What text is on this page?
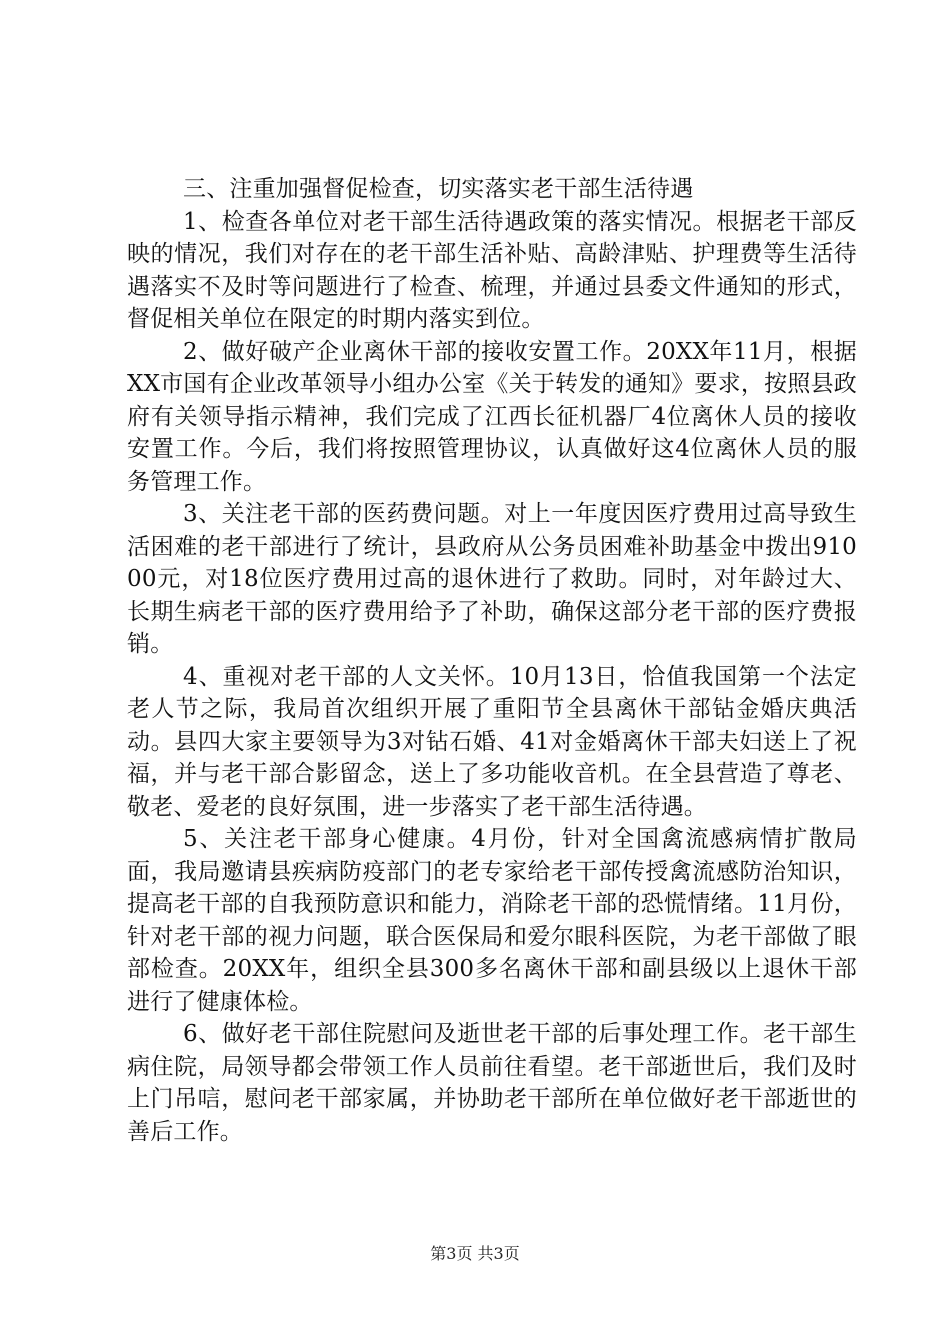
三、注重加强督促检查，切实落实老干部生活待遇

1、检查各单位对老干部生活待遇政策的落实情况。根据老干部反映的情况，我们对存在的老干部生活补贴、高龄津贴、护理费等生活待遇落实不及时等问题进行了检查、梳理，并通过县委文件通知的形式，督促相关单位在限定的时期内落实到位。

2、做好破产企业离休干部的接收安置工作。20XX年11月，根据XX市国有企业改革领导小组办公室《关于转发的通知》要求，按照县政府有关领导指示精神，我们完成了江西长征机器厂4位离休人员的接收安置工作。今后，我们将按照管理协议，认真做好这4位离休人员的服务管理工作。

3、关注老干部的医药费问题。对上一年度因医疗费用过高导致生活困难的老干部进行了统计，县政府从公务员困难补助基金中拨出91000元，对18位医疗费用过高的退休进行了救助。同时，对年龄过大、长期生病老干部的医疗费用给予了补助，确保这部分老干部的医疗费报销。

4、重视对老干部的人文关怀。10月13日，恰值我国第一个法定老人节之际，我局首次组织开展了重阳节全县离休干部钻金婚庆典活动。县四大家主要领导为3对钻石婚、41对金婚离休干部夫妇送上了祝福，并与老干部合影留念，送上了多功能收音机。在全县营造了尊老、敬老、爱老的良好氛围，进一步落实了老干部生活待遇。

5、关注老干部身心健康。4月份，针对全国禽流感病情扩散局面，我局邀请县疾病防疫部门的老专家给老干部传授禽流感防治知识，提高老干部的自我预防意识和能力，消除老干部的恐慌情绪。11月份，针对老干部的视力问题，联合医保局和爱尔眼科医院，为老干部做了眼部检查。20XX年，组织全县300多名离休干部和副县级以上退休干部进行了健康体检。

6、做好老干部住院慰问及逝世老干部的后事处理工作。老干部生病住院，局领导都会带领工作人员前往看望。老干部逝世后，我们及时上门吊唁，慰问老干部家属，并协助老干部所在单位做好老干部逝世的善后工作。

第3页 共3页
